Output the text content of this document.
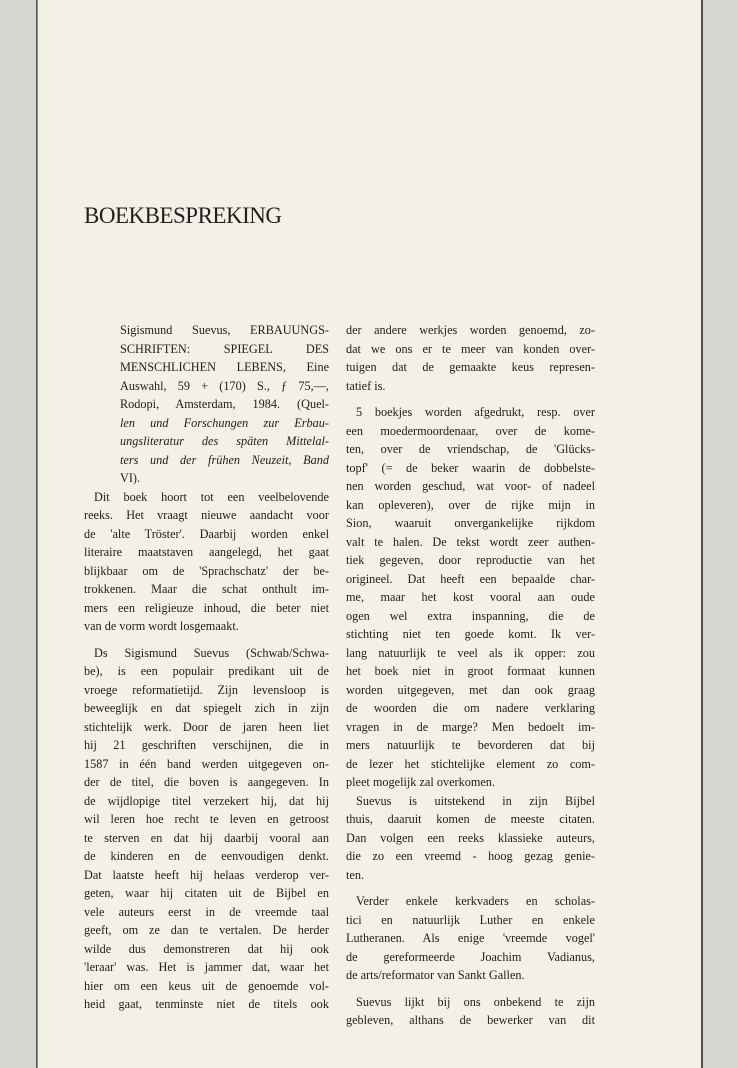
BOEKBESPREKING
Sigismund Suevus, ERBAUUNGS-
SCHRIFTEN: SPIEGEL DES
MENSCHLICHEN LEBENS, Eine
Auswahl, 59 + (170) S., ƒ 75,—,
Rodopi, Amsterdam, 1984. (Quel-
len und Forschungen zur Erbau-
ungsliteratur des späten Mittelal-
ters und der frühen Neuzeit, Band
VI).
Dit boek hoort tot een veelbelovende
reeks. Het vraagt nieuwe aandacht voor
de 'alte Tröster'. Daarbij worden enkel
literaire maatstaven aangelegd, het gaat
blijkbaar om de 'Sprachschatz' der be-
trokkenen. Maar die schat onthult im-
mers een religieuze inhoud, die beter niet
van de vorm wordt losgemaakt.
Ds Sigismund Suevus (Schwab/Schwa-
be), is een populair predikant uit de
vroege reformatietijd. Zijn levensloop is
beweeglijk en dat spiegelt zich in zijn
stichtelijk werk. Door de jaren heen liet
hij 21 geschriften verschijnen, die in
1587 in één band werden uitgegeven on-
der de titel, die boven is aangegeven. In
de wijdlopige titel verzekert hij, dat hij
wil leren hoe recht te leven en getroost
te sterven en dat hij daarbij vooral aan
de kinderen en de eenvoudigen denkt.
Dat laatste heeft hij helaas verderop ver-
geten, waar hij citaten uit de Bijbel en
vele auteurs eerst in de vreemde taal
geeft, om ze dan te vertalen. De herder
wilde dus demonstreren dat hij ook
'leraar' was. Het is jammer dat, waar het
hier om een keus uit de genoemde vol-
heid gaat, tenminste niet de titels ook
der andere werkjes worden genoemd, zo-
dat we ons er te meer van konden over-
tuigen dat de gemaakte keus represen-
tatief is.
5 boekjes worden afgedrukt, resp. over
een moedermoordenaar, over de kome-
ten, over de vriendschap, de 'Glücks-
topf' (= de beker waarin de dobbelste-
nen worden geschud, wat voor- of nadeel
kan opleveren), over de rijke mijn in
Sion, waaruit onvergankelijke rijkdom
valt te halen. De tekst wordt zeer authen-
tiek gegeven, door reproductie van het
origineel. Dat heeft een bepaalde char-
me, maar het kost vooral aan oude
ogen wel extra inspanning, die de
stichting niet ten goede komt. Ik ver-
lang natuurlijk te veel als ik opper: zou
het boek niet in groot formaat kunnen
worden uitgegeven, met dan ook graag
de woorden die om nadere verklaring
vragen in de marge? Men bedoelt im-
mers natuurlijk te bevorderen dat bij
de lezer het stichtelijke element zo com-
pleet mogelijk zal overkomen.
Suevus is uitstekend in zijn Bijbel
thuis, daaruit komen de meeste citaten.
Dan volgen een reeks klassieke auteurs,
die zo een vreemd - hoog gezag genie-
ten.
Verder enkele kerkvaders en scholas-
tici en natuurlijk Luther en enkele
Lutheranen. Als enige 'vreemde vogel'
de gereformeerde Joachim Vadianus,
de arts/reformator van Sankt Gallen.
Suevus lijkt bij ons onbekend te zijn
gebleven, althans de bewerker van dit
